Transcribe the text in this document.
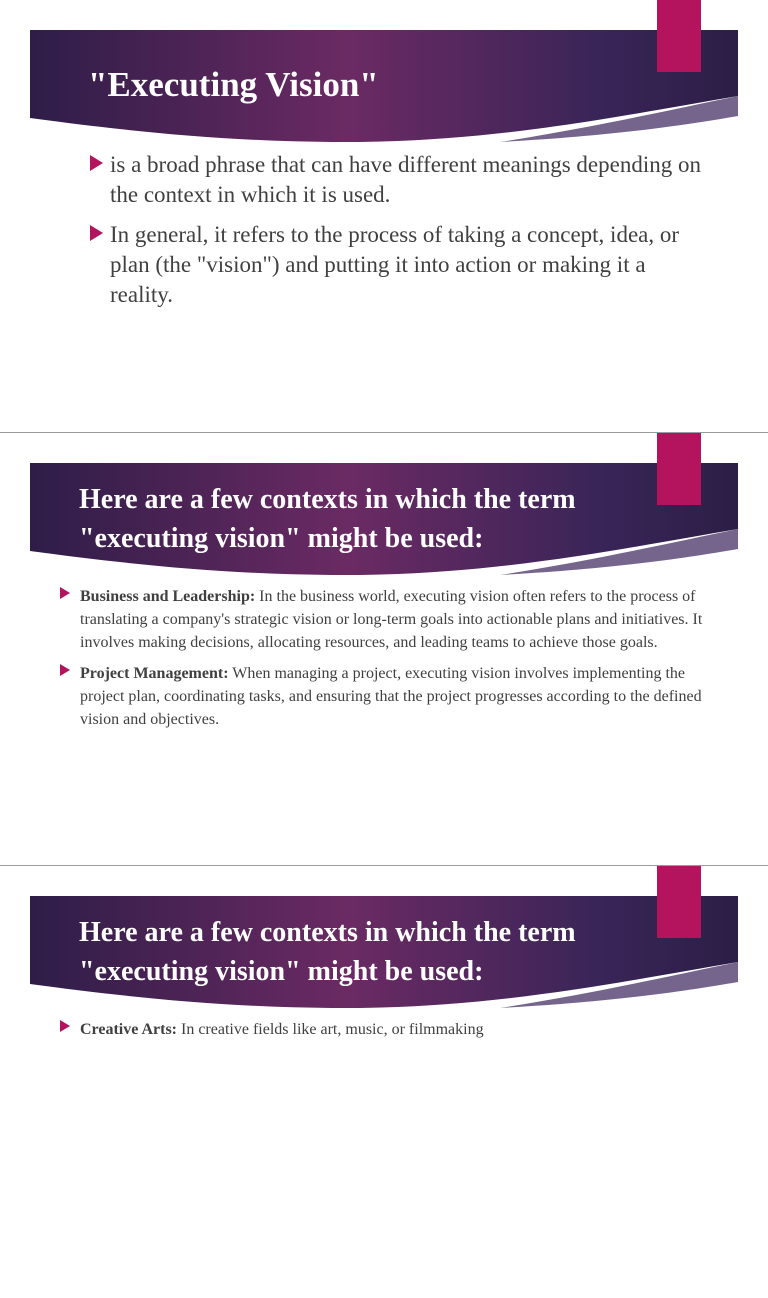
"Executing Vision"
is a broad phrase that can have different meanings depending on the context in which it is used.
In general, it refers to the process of taking a concept, idea, or plan (the "vision") and putting it into action or making it a reality.
Here are a few contexts in which the term "executing vision" might be used:
Business and Leadership: In the business world, executing vision often refers to the process of translating a company's strategic vision or long-term goals into actionable plans and initiatives. It involves making decisions, allocating resources, and leading teams to achieve those goals.
Project Management: When managing a project, executing vision involves implementing the project plan, coordinating tasks, and ensuring that the project progresses according to the defined vision and objectives.
Here are a few contexts in which the term "executing vision" might be used:
Creative Arts: In creative fields like art, music, or filmmaking
